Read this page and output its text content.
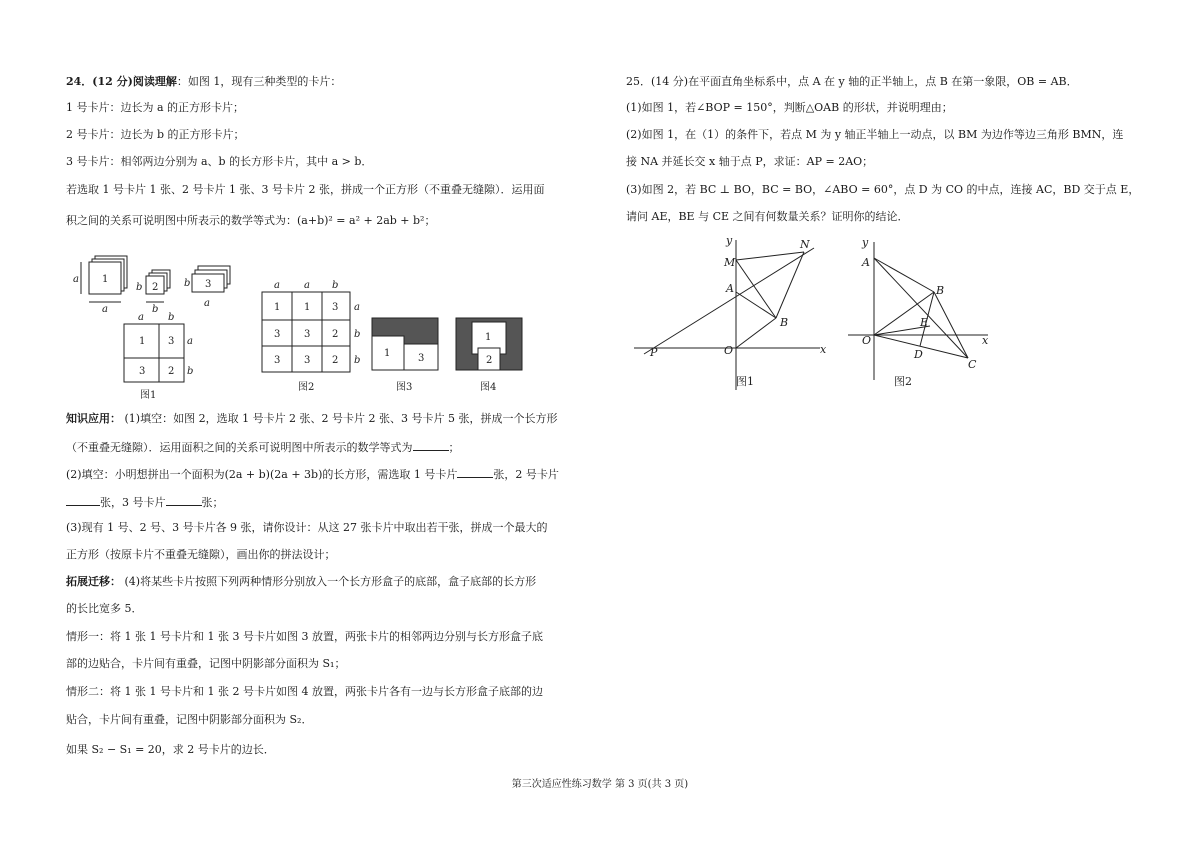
24．(12 分)阅读理解：如图 1，现有三种类型的卡片：
1 号卡片：边长为 a 的正方形卡片；
2 号卡片：边长为 b 的正方形卡片；
3 号卡片：相邻两边分别为 a、b 的长方形卡片，其中 a > b．
若选取 1 号卡片 1 张、2 号卡片 1 张、3 号卡片 2 张，拼成一个正方形（不重叠无缝隙）．运用面
积之间的关系可说明图中所表示的数学等式为：(a+b)² = a² + 2ab + b²；
1
2	3
a
a
b
b
b
a
a b
1 3
3 2
a
b
图1
a a b
1 1 3
3 3 2
3 3 2
a
b
b
图2
1	3
图3
1
2
图4
知识应用： (1)填空：如图 2，选取 1 号卡片 2 张、2 号卡片 2 张、3 号卡片 5 张，拼成一个长方形
（不重叠无缝隙）．运用面积之间的关系可说明图中所表示的数学等式为	；
(2)填空：小明想拼出一个面积为(2a + b)(2a + 3b)的长方形，需选取 1 号卡片	张，2 号卡片
张，3 号卡片	张；
(3)现有 1 号、2 号、3 号卡片各 9 张，请你设计：从这 27 张卡片中取出若干张，拼成一个最大的
正方形（按原卡片不重叠无缝隙），画出你的拼法设计；
拓展迁移： (4)将某些卡片按照下列两种情形分别放入一个长方形盒子的底部，盒子底部的长方形
的长比宽多 5．
情形一：将 1 张 1 号卡片和 1 张 3 号卡片如图 3 放置，两张卡片的相邻两边分别与长方形盒子底
部的边贴合，卡片间有重叠，记图中阴影部分面积为 S₁；
情形二：将 1 张 1 号卡片和 1 张 2 号卡片如图 4 放置，两张卡片各有一边与长方形盒子底部的边
贴合，卡片间有重叠，记图中阴影部分面积为 S₂．
如果 S₂ − S₁ = 20，求 2 号卡片的边长．
25．(14 分)在平面直角坐标系中，点 A 在 y 轴的正半轴上，点 B 在第一象限，OB = AB．
(1)如图 1，若∠BOP = 150°，判断△OAB 的形状，并说明理由；
(2)如图 1，在（1）的条件下，若点 M 为 y 轴正半轴上一动点，以 BM 为边作等边三角形 BMN，连
接 NA 并延长交 x 轴于点 P，求证：AP = 2AO；
(3)如图 2，若 BC ⊥ BO，BC = BO，∠ABO = 60°，点 D 为 CO 的中点，连接 AC，BD 交于点 E，
请问 AE，BE 与 CE 之间有何数量关系？证明你的结论．
y
x
M
N
A
B
O
P
图1
y
x
A
B
E
O
D
C
图2
第三次适应性练习数学 第 3 页(共 3 页)
